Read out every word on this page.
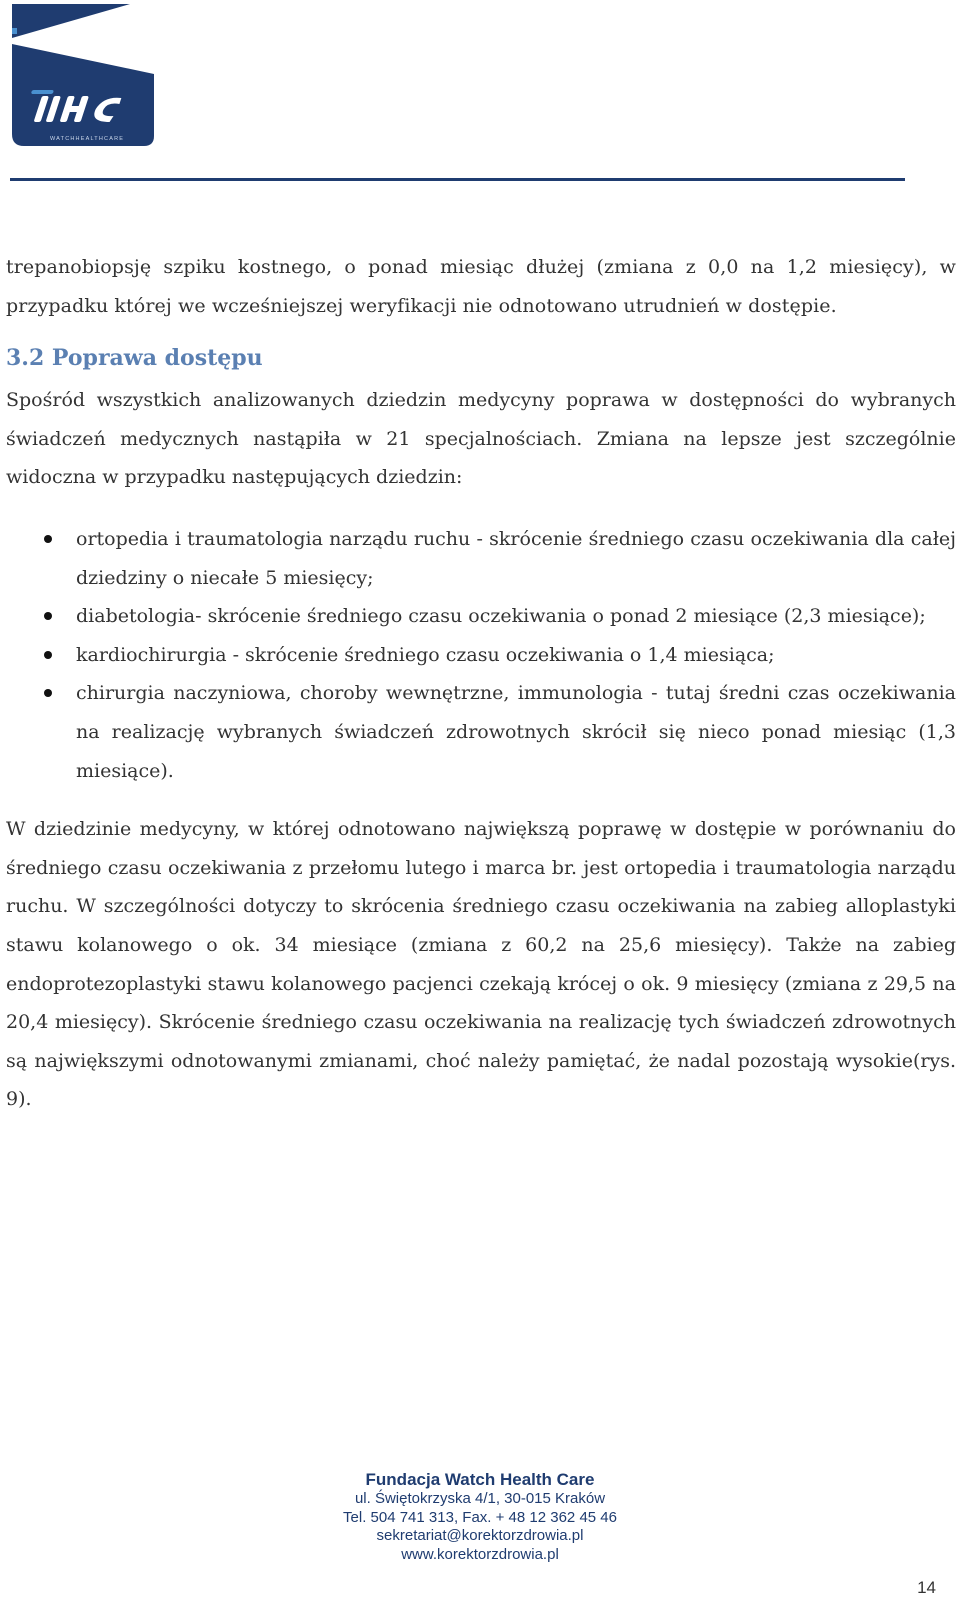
WATCHHEALTHCARE

trepanobiopsję szpiku kostnego, o ponad miesiąc dłużej (zmiana z 0,0 na 1,2 miesięcy), w przypadku której we wcześniejszej weryfikacji nie odnotowano utrudnień w dostępie.

3.2 Poprawa dostępu

Spośród wszystkich analizowanych dziedzin medycyny poprawa w dostępności do wybranych świadczeń medycznych nastąpiła w 21 specjalnościach. Zmiana na lepsze jest szczególnie widoczna w przypadku następujących dziedzin:

ortopedia i traumatologia narządu ruchu - skrócenie średniego czasu oczekiwania dla całej dziedziny o niecałe 5 miesięcy;
diabetologia- skrócenie średniego czasu oczekiwania o ponad 2 miesiące (2,3 miesiące);
kardiochirurgia - skrócenie średniego czasu oczekiwania o 1,4 miesiąca;
chirurgia naczyniowa, choroby wewnętrzne, immunologia - tutaj średni czas oczekiwania na realizację wybranych świadczeń zdrowotnych skrócił się nieco ponad miesiąc (1,3 miesiące).

W dziedzinie medycyny, w której odnotowano największą poprawę w dostępie w porównaniu do średniego czasu oczekiwania z przełomu lutego i marca br. jest ortopedia i traumatologia narządu ruchu. W szczególności dotyczy to skrócenia średniego czasu oczekiwania na zabieg alloplastyki stawu kolanowego o ok. 34 miesiące (zmiana z 60,2 na 25,6 miesięcy). Także na zabieg endoprotezoplastyki stawu kolanowego pacjenci czekają krócej o ok. 9 miesięcy (zmiana z 29,5 na 20,4 miesięcy). Skrócenie średniego czasu oczekiwania na realizację tych świadczeń zdrowotnych są największymi odnotowanymi zmianami, choć należy pamiętać, że nadal pozostają wysokie(rys. 9).

Fundacja Watch Health Care
ul. Świętokrzyska 4/1, 30-015 Kraków
Tel. 504 741 313, Fax. + 48 12 362 45 46
sekretariat@korektorzdrowia.pl
www.korektorzdrowia.pl
14
